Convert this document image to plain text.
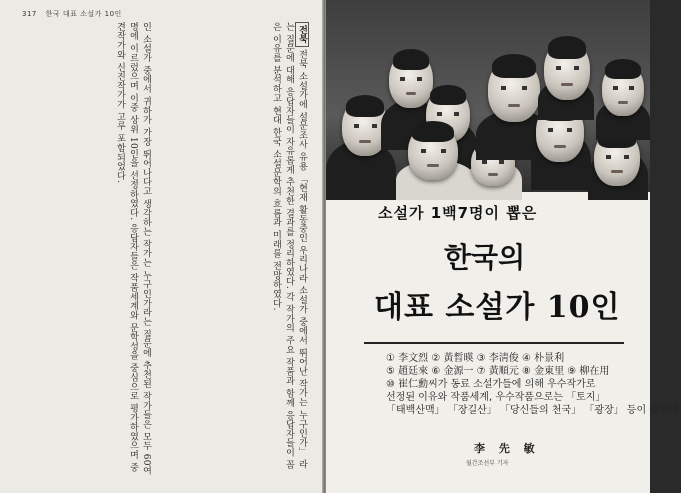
317 한국 대표 소설가 10인
전북 전북 소설가에 설문조사 유용 「현재 활동중인 우리나라 소설가 중에서 뛰어난 작가는 누구인가」 라는 질문에 대해 응답자들이 자유롭게 추천한 결과를 정리하였다. 각 작가의 주요 작품과 함께 응답자들이 꼽은 이유를 분석하고 현대 한국 소설문학의 흐름과 미래를 전망하였다.
인 소설가 중에서 귀하가 가장 뛰어나다고 생각하는 작가는 누구인가라는 질문에 추천된 작가들은 모두 60여명에 이르렀으며 이중 상위 10인을 선정하였다. 응답자들은 작품세계와 문학성을 중심으로 평가하였으며 중견작가와 신진작가가 고루 포함되었다.
소설가 1백7명이 뽑은
한국의
대표 소설가 10인
① 李文烈 ② 黃晳暎 ③ 李淸俊 ④ 朴景利
⑤ 趙廷來 ⑥ 金源一 ⑦ 黃順元 ⑧ 金東里 ⑨ 柳在用
⑩ 崔仁勳씨가 동료 소설가들에 의해 우수작가로
선정된 이유와 작품세계, 우수작품으로는 「토지」
「태백산맥」 「장길산」 「당신들의 천국」 「광장」 등이 꼽혔다.
李 先 敏
월간조선부 기자
